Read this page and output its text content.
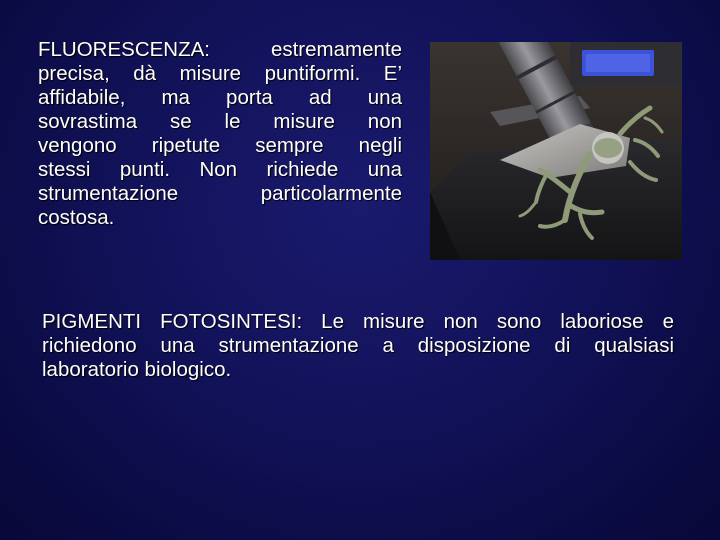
FLUORESCENZA: estremamente
precisa, dà misure puntiformi. E’
affidabile, ma porta ad una
sovrastima se le misure non
vengono ripetute sempre negli
stessi punti. Non richiede una
strumentazione particolarmente
costosa.
PIGMENTI FOTOSINTESI: Le misure non sono laboriose e
richiedono una strumentazione a disposizione di qualsiasi
laboratorio biologico.
